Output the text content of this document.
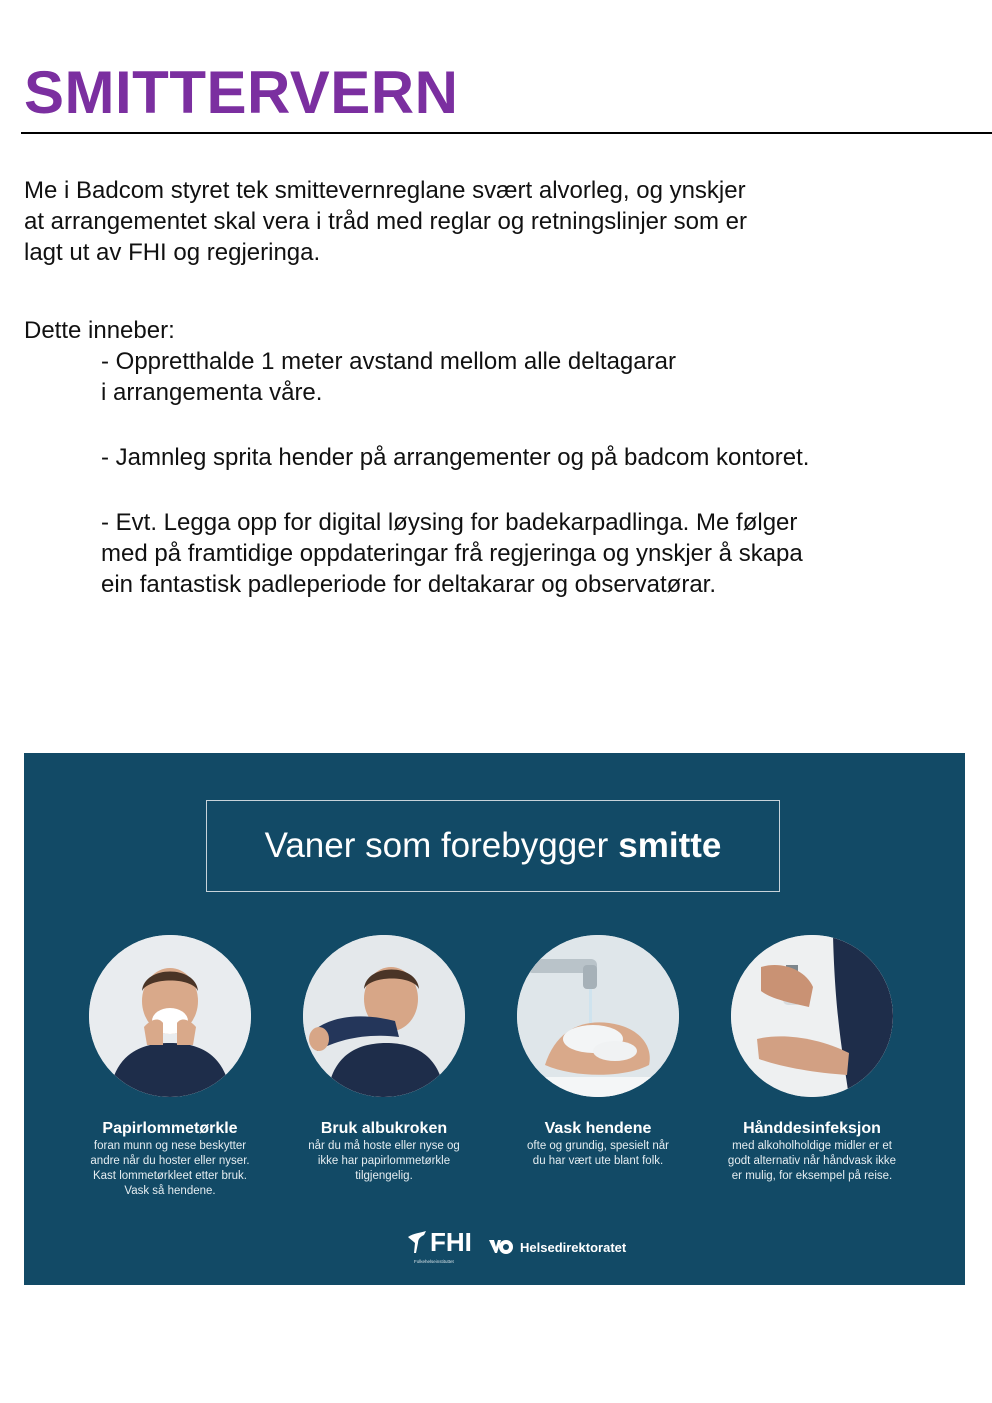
SMITTERVERN

Me i Badcom styret tek smittevernreglane svært alvorleg, og ynskjer
at arrangementet skal vera i tråd med reglar og retningslinjer som er
lagt ut av FHI og regjeringa.

Dette inneber:

- Oppretthalde 1 meter avstand mellom alle deltagarar
i arrangementa våre.

- Jamnleg sprita hender på arrangementer og på badcom kontoret.

- Evt. Legga opp for digital løysing for badekarpadlinga. Me følger
med på framtidige oppdateringar frå regjeringa og ynskjer å skapa
ein fantastisk padleperiode for deltakarar og observatørar.

Vaner som forebygger smitte
Papirlommetørkle
foran munn og nese beskytter
andre når du hoster eller nyser.
Kast lommetørkleet etter bruk.
Vask så hendene.
Bruk albukroken
når du må hoste eller nyse og
ikke har papirlommetørkle
tilgjengelig.
Vask hendene
ofte og grundig, spesielt når
du har vært ute blant folk.
Hånddesinfeksjon
med alkoholholdige midler er et
godt alternativ når håndvask ikke
er mulig, for eksempel på reise.
FHI
Folkehelseinstituttet
Helsedirektoratet
